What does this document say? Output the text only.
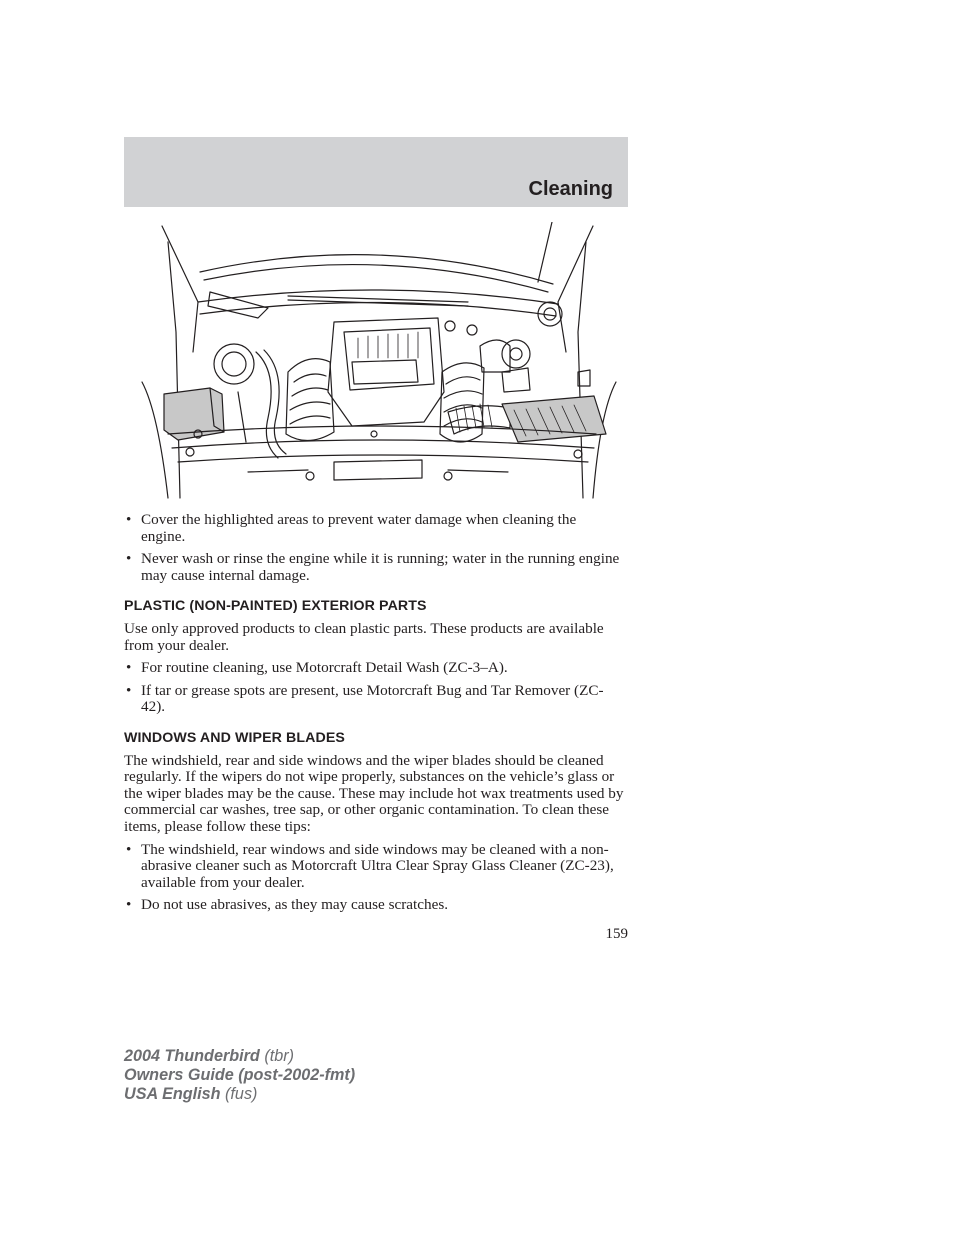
Cleaning
• Cover the highlighted areas to prevent water damage when cleaning the engine.
• Never wash or rinse the engine while it is running; water in the running engine may cause internal damage.
PLASTIC (NON-PAINTED) EXTERIOR PARTS

Use only approved products to clean plastic parts. These products are available from your dealer.

• For routine cleaning, use Motorcraft Detail Wash (ZC-3–A).
• If tar or grease spots are present, use Motorcraft Bug and Tar Remover (ZC-42).
WINDOWS AND WIPER BLADES

The windshield, rear and side windows and the wiper blades should be cleaned regularly. If the wipers do not wipe properly, substances on the vehicle’s glass or the wiper blades may be the cause. These may include hot wax treatments used by commercial car washes, tree sap, or other organic contamination. To clean these items, please follow these tips:

• The windshield, rear windows and side windows may be cleaned with a non-abrasive cleaner such as Motorcraft Ultra Clear Spray Glass Cleaner (ZC-23), available from your dealer.
• Do not use abrasives, as they may cause scratches.
159
2004 Thunderbird (tbr)
Owners Guide (post-2002-fmt)
USA English (fus)
